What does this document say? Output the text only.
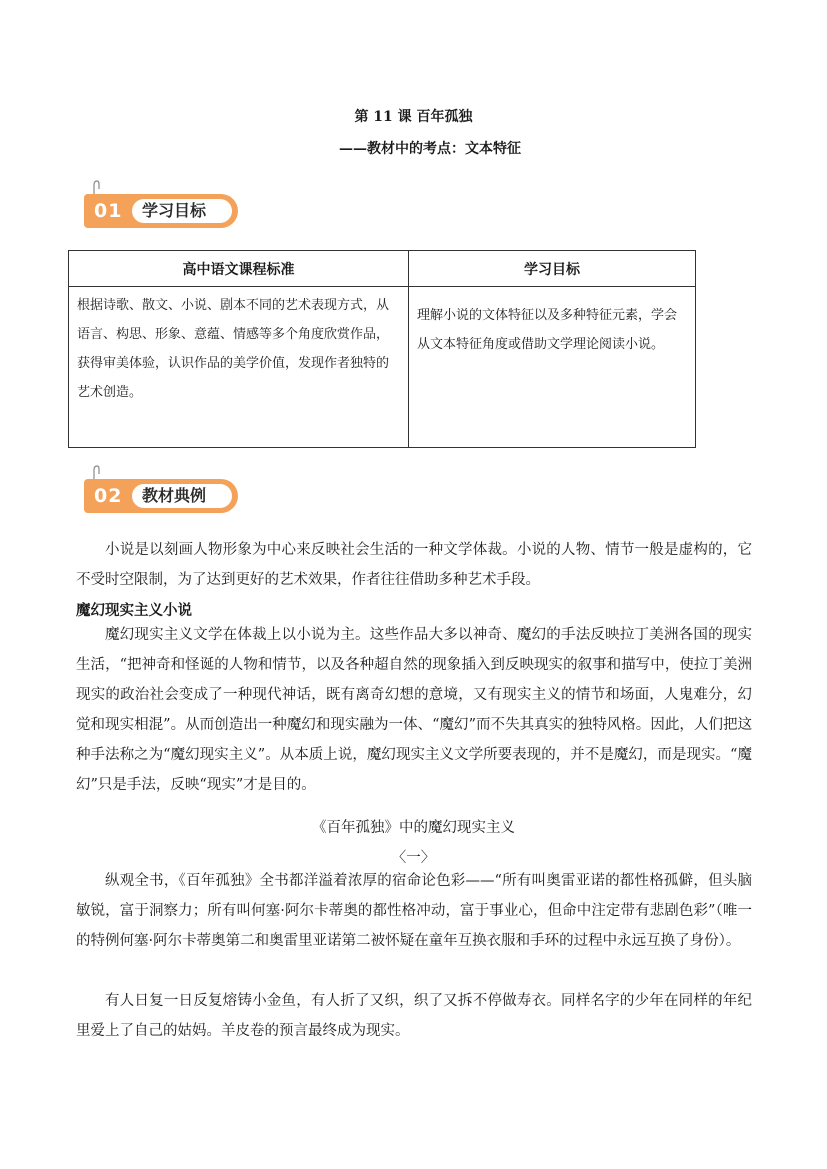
第 11 课 百年孤独
——教材中的考点：文本特征
01	学习目标
高中语文课程标准	学习目标
根据诗歌、散文、小说、剧本不同的艺术表现方式，从语言、构思、形象、意蕴、情感等多个角度欣赏作品，获得审美体验，认识作品的美学价值，发现作者独特的艺术创造。	理解小说的文体特征以及多种特征元素，学会从文本特征角度或借助文学理论阅读小说。
02	教材典例

小说是以刻画人物形象为中心来反映社会生活的一种文学体裁。小说的人物、情节一般是虚构的，它不受时空限制，为了达到更好的艺术效果，作者往往借助多种艺术手段。

魔幻现实主义小说

魔幻现实主义文学在体裁上以小说为主。这些作品大多以神奇、魔幻的手法反映拉丁美洲各国的现实生活，“把神奇和怪诞的人物和情节，以及各种超自然的现象插入到反映现实的叙事和描写中，使拉丁美洲现实的政治社会变成了一种现代神话，既有离奇幻想的意境，又有现实主义的情节和场面，人鬼难分，幻觉和现实相混”。从而创造出一种魔幻和现实融为一体、“魔幻”而不失其真实的独特风格。因此，人们把这种手法称之为“魔幻现实主义”。从本质上说，魔幻现实主义文学所要表现的，并不是魔幻，而是现实。“魔幻”只是手法，反映“现实”才是目的。

《百年孤独》中的魔幻现实主义
〈一〉

纵观全书，《百年孤独》全书都洋溢着浓厚的宿命论色彩——“所有叫奥雷亚诺的都性格孤僻，但头脑敏锐，富于洞察力；所有叫何塞·阿尔卡蒂奥的都性格冲动，富于事业心，但命中注定带有悲剧色彩”（唯一的特例何塞·阿尔卡蒂奥第二和奥雷里亚诺第二被怀疑在童年互换衣服和手环的过程中永远互换了身份）。

有人日复一日反复熔铸小金鱼，有人折了又织，织了又拆不停做寿衣。同样名字的少年在同样的年纪里爱上了自己的姑妈。羊皮卷的预言最终成为现实。
